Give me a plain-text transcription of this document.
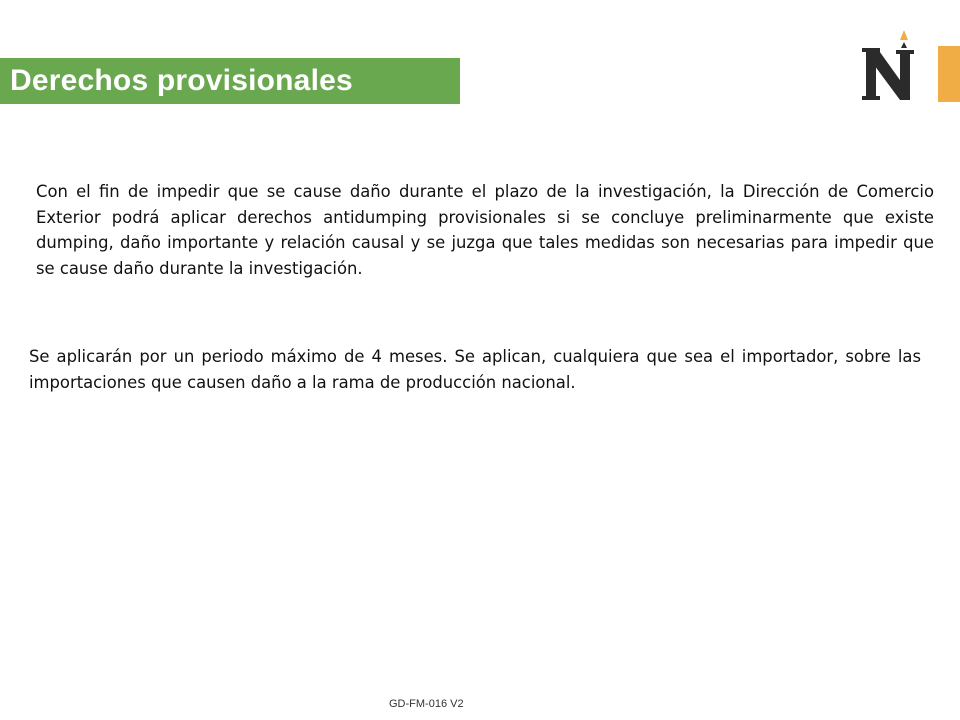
Derechos provisionales

Con el fin de impedir que se cause daño durante el plazo de la investigación, la Dirección de Comercio Exterior podrá aplicar derechos antidumping provisionales si se concluye preliminarmente que existe dumping, daño importante y relación causal y se juzga que tales medidas son necesarias para impedir que se cause daño durante la investigación.

Se aplicarán por un periodo máximo de 4 meses. Se aplican, cualquiera que sea el importador, sobre las importaciones que causen daño a la rama de producción nacional.

GD-FM-016 V2
